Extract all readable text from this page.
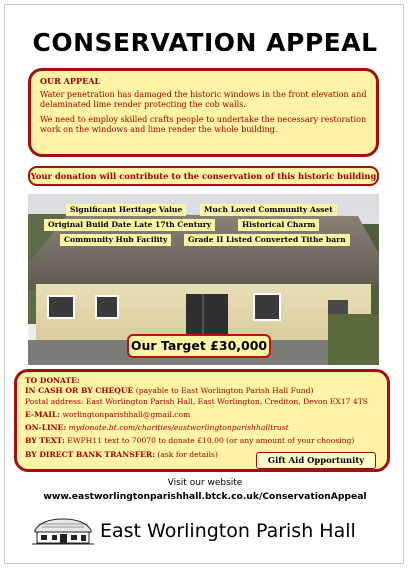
CONSERVATION APPEAL
OUR APPEAL

Water penetration has damaged the historic windows in the front elevation and delaminated lime render protecting the cob walls.

We need to employ skilled crafts people to undertake the necessary restoration work on the windows and lime render the whole building.

Your donation will contribute to the conservation of this historic building
Significant Heritage Value	Much Loved Community Asset
Original Build Date Late 17th Century	Historical Charm
Community Hub Facility	Grade II Listed Converted Tithe barn
Our Target £30,000
TO DONATE:
IN CASH OR BY CHEQUE (payable to East Worlington Parish Hall Fund)
Postal address: East Worlington Parish Hall, East Worlington, Crediton, Devon EX17 4TS
E-MAIL: worlingtonparishhall@gmail.com
ON-LINE: mydonate.bt.com/charities/eastworlingtonparishhalltrust
BY TEXT: EWPH11 text to 70070 to donate £10.00 (or any amount of your choosing)
BY DIRECT BANK TRANSFER: (ask for details)
Gift Aid Opportunity
Visit our website
www.eastworlingtonparishhall.btck.co.uk/ConservationAppeal
East Worlington Parish Hall
